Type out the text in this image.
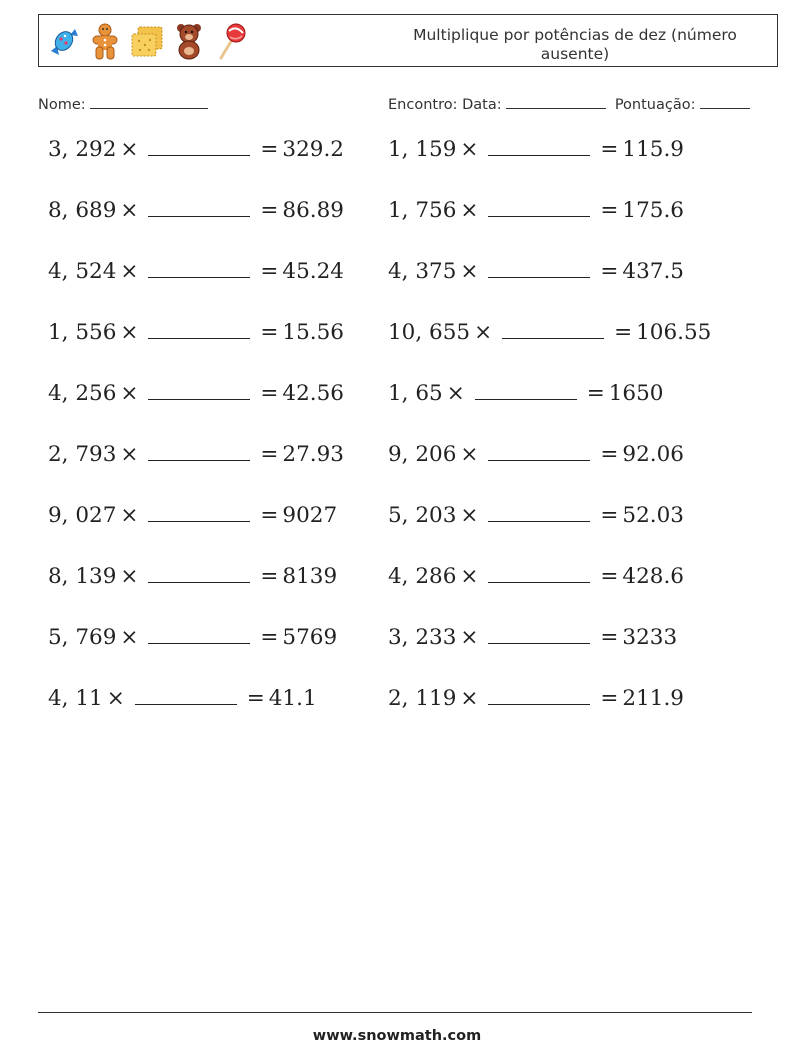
Multiplique por potências de dez (número ausente)
Nome:	Encontro: Data:	Pontuação:
3, 292 ×	= 329.2 1, 159 ×	= 115.9
8, 689 ×	= 86.89 1, 756 ×	= 175.6
4, 524 ×	= 45.24 4, 375 ×	= 437.5
1, 556 ×	= 15.56 10, 655 ×	= 106.55
4, 256 ×	= 42.56 1, 65 ×	= 1650
2, 793 ×	= 27.93 9, 206 ×	= 92.06
9, 027 ×	= 9027 5, 203 ×	= 52.03
8, 139 ×	= 8139 4, 286 ×	= 428.6
5, 769 ×	= 5769 3, 233 ×	= 3233
4, 11 ×	= 41.1	2, 119 ×	= 211.9
www.snowmath.com
